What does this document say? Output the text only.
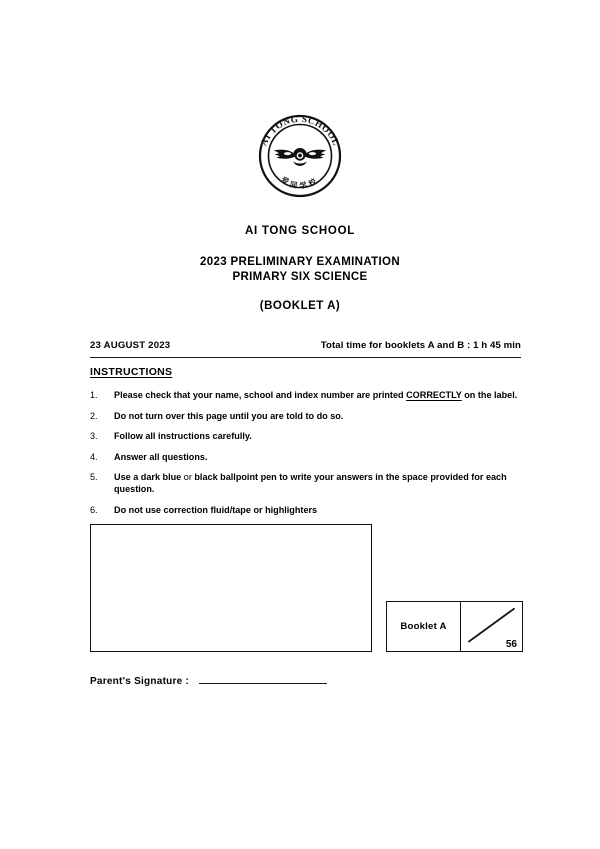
AI TONG SCHOOL
爱同学校
AI TONG SCHOOL
2023 PRELIMINARY EXAMINATION
PRIMARY SIX SCIENCE
(BOOKLET A)
23 AUGUST 2023	Total time for booklets A and B : 1 h 45 min
INSTRUCTIONS
1.	Please check that your name, school and index number are printed CORRECTLY on the label.
2.	Do not turn over this page until you are told to do so.
3.	Follow all instructions carefully.
4.	Answer all questions.
5.	Use a dark blue or black ballpoint pen to write your answers in the space provided for each question.
6.	Do not use correction fluid/tape or highlighters
Booklet A
56
Parent's Signature :
